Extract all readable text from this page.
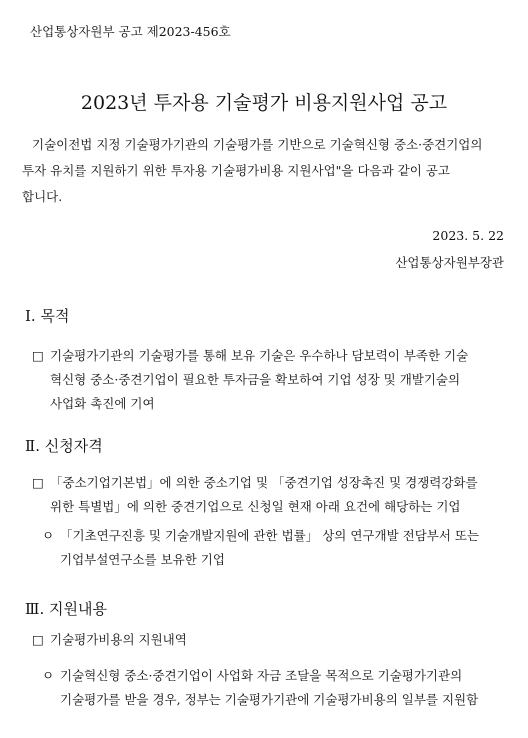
산업통상자원부 공고 제2023-456호
2023년 투자용 기술평가 비용지원사업 공고
기술이전법 지정 기술평가기관의 기술평가를 기반으로 기술혁신형 중소·중견기업의
투자 유치를 지원하기 위한 투자용 기술평가비용 지원사업"을 다음과 같이 공고
합니다.
2023. 5. 22
산업통상자원부장관
Ⅰ. 목적
□ 기술평가기관의 기술평가를 통해 보유 기술은 우수하나 담보력이 부족한 기술
혁신형 중소·중견기업이 필요한 투자금을 확보하여 기업 성장 및 개발기술의
사업화 촉진에 기여
Ⅱ. 신청자격
□ 「중소기업기본법」에 의한 중소기업 및 「중견기업 성장촉진 및 경쟁력강화를
위한 특별법」에 의한 중견기업으로 신청일 현재 아래 요건에 해당하는 기업
ㅇ 「기초연구진흥 및 기술개발지원에 관한 법률」 상의 연구개발 전담부서 또는
기업부설연구소를 보유한 기업
Ⅲ. 지원내용
□ 기술평가비용의 지원내역
ㅇ 기술혁신형 중소·중견기업이 사업화 자금 조달을 목적으로 기술평가기관의
기술평가를 받을 경우, 정부는 기술평가기관에 기술평가비용의 일부를 지원함
